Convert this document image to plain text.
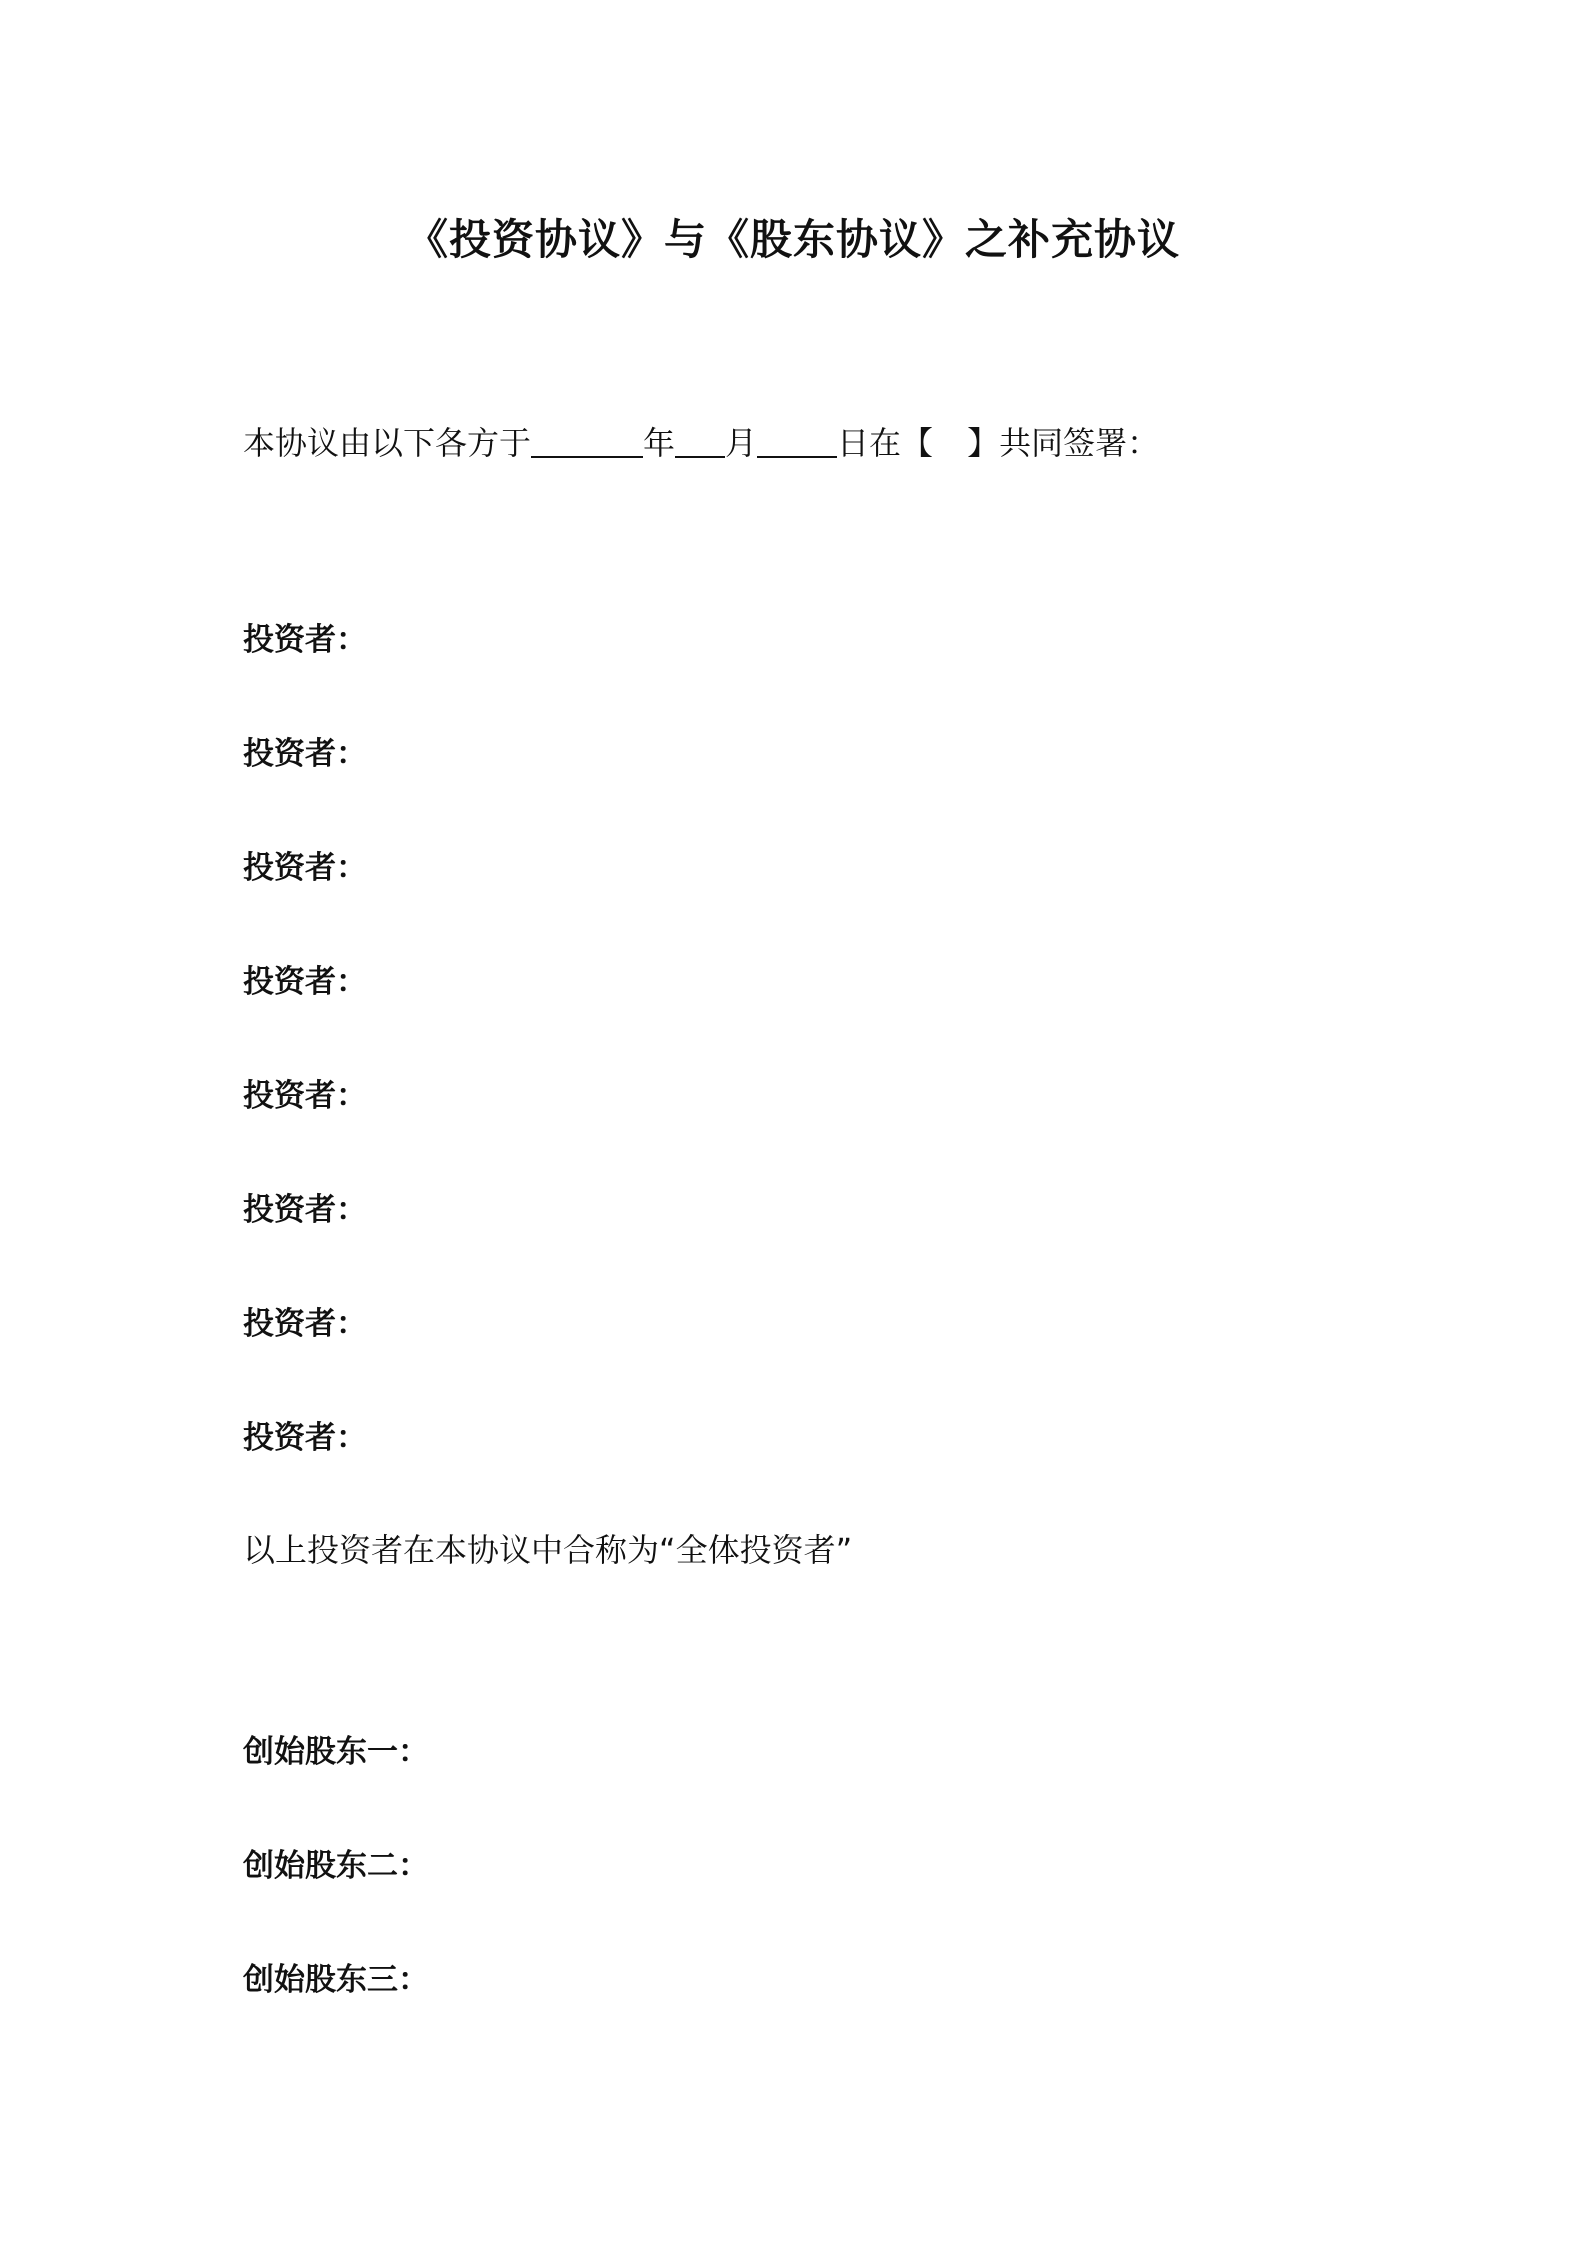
《投资协议》与《股东协议》之补充协议
本协议由以下各方于	年 月	日在【 】共同签署：
投资者：
投资者：
投资者：
投资者：
投资者：
投资者：
投资者：
投资者：
以上投资者在本协议中合称为“全体投资者”
创始股东一：
创始股东二：
创始股东三：
